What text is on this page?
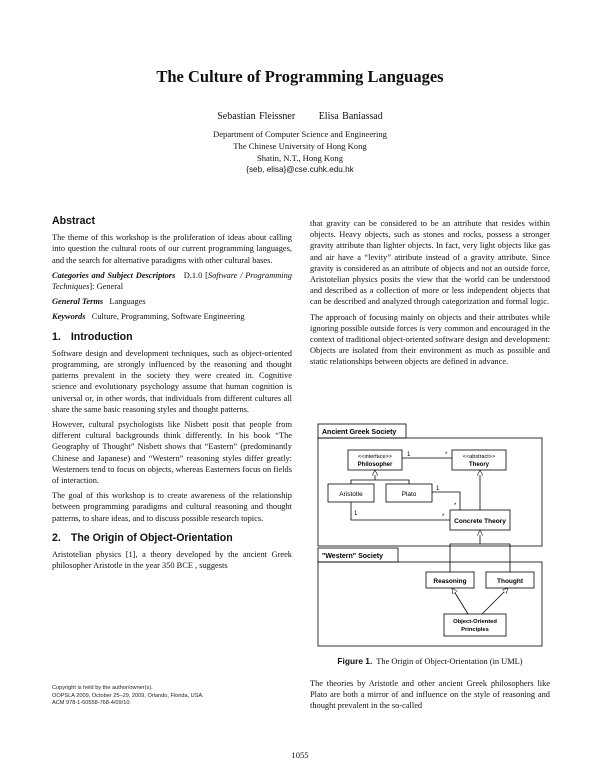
The Culture of Programming Languages
Sebastian Fleissner Elisa Baniassad
Department of Computer Science and Engineering
The Chinese University of Hong Kong
Shatin, N.T., Hong Kong
{seb, elisa}@cse.cuhk.edu.hk
Abstract

The theme of this workshop is the proliferation of ideas about calling into question the cultural roots of our current programming languages, and the search for alternative paradigms with other cultural bases.

Categories and Subject Descriptors D.1.0 [Software / Programming Techniques]: General

General Terms Languages

Keywords Culture, Programming, Software Engineering

1. Introduction

Software design and development techniques, such as object-oriented programming, are strongly influenced by the reasoning and thought patterns prevalent in the society they were created in. Cognitive science and evolutionary psychology assume that human cognition is universal or, in other words, that individuals from different cultures all share the same basic reasoning styles and thought patterns.

However, cultural psychologists like Nisbett posit that people from different cultural backgrounds think differently. In his book “The Geography of Thought” Nisbett shows that “Eastern” (predominantly Chinese and Japanese) and “Western” reasoning styles differ greatly: Westerners tend to focus on objects, whereas Easterners focus on fields of interaction.

The goal of this workshop is to create awareness of the relationship between programming paradigms and cultural reasoning and thought patterns, to share ideas, and to discuss possible research topics.

2. The Origin of Object-Orientation

Aristotelian physics [1], a theory developed by the ancient Greek philosopher Aristotle in the year 350 BCE , suggests

Copyright is held by the author/owner(s).
OOPSLA 2009, October 25–29, 2009, Orlando, Florida, USA.
ACM 978-1-60558-768-4/09/10.

that gravity can be considered to be an attribute that resides within objects. Heavy objects, such as stones and rocks, possess a stronger gravity attribute than lighter objects. In fact, very light objects like gas and air have a “levity” attribute instead of a gravity attribute. Since gravity is considered as an attribute of objects and not an outside force, Aristotelian physics posits the view that the world can be understood and described as a collection of more or less independent objects that can be described and analyzed through categorization and formal logic.

The approach of focusing mainly on objects and their attributes while ignoring possible outside forces is very common and encouraged in the context of traditional object-oriented software design and development: Objects are isolated from their environment as much as possible and static relationships between objects are defined in advance.

Ancient Greek Society
<<interface>>
Philosopher
<<abstract>>
Theory
1	*
Aristotle	Plato
Concrete Theory
1
*
1	*
"Western" Society
Reasoning	Thought
Object-Oriented
Principles
Figure 1. The Origin of Object-Orientation (in UML)

The theories by Aristotle and other ancient Greek philosophers like Plato are both a mirror of and influence on the style of reasoning and thought prevalent in the so-called

1055
